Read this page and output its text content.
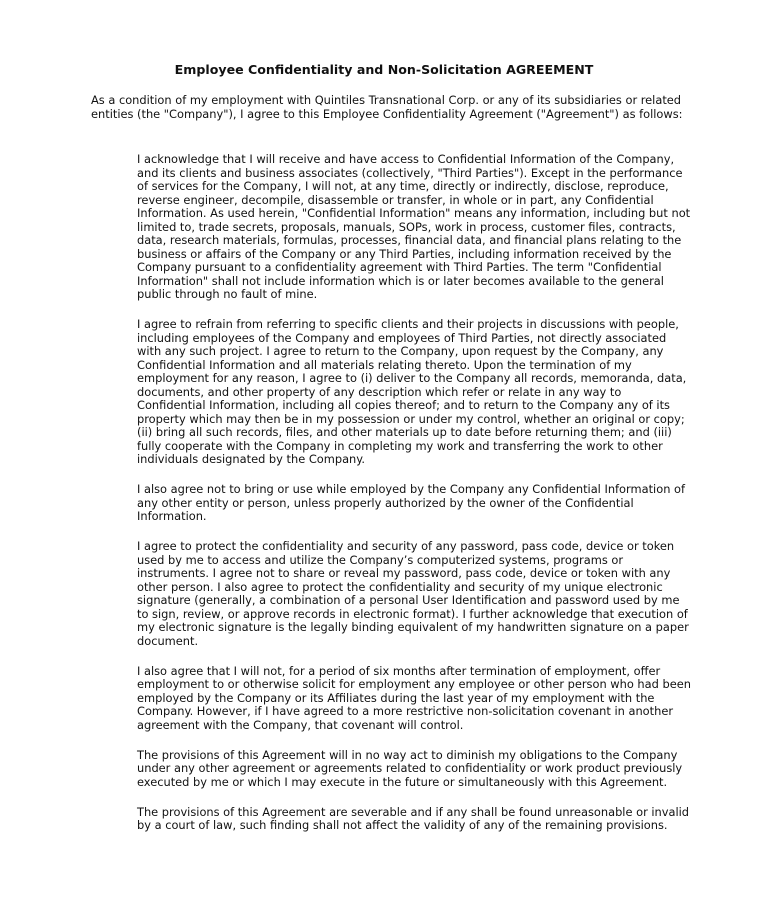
Employee Confidentiality and Non-Solicitation AGREEMENT

As a condition of my employment with Quintiles Transnational Corp. or any of its subsidiaries or related entities (the "Company"), I agree to this Employee Confidentiality Agreement ("Agreement") as follows:

I acknowledge that I will receive and have access to Confidential Information of the Company, and its clients and business associates (collectively, "Third Parties"). Except in the performance of services for the Company, I will not, at any time, directly or indirectly, disclose, reproduce, reverse engineer, decompile, disassemble or transfer, in whole or in part, any Confidential Information. As used herein, "Confidential Information" means any information, including but not limited to, trade secrets, proposals, manuals, SOPs, work in process, customer files, contracts, data, research materials, formulas, processes, financial data, and financial plans relating to the business or affairs of the Company or any Third Parties, including information received by the Company pursuant to a confidentiality agreement with Third Parties. The term "Confidential Information" shall not include information which is or later becomes available to the general public through no fault of mine.

I agree to refrain from referring to specific clients and their projects in discussions with people, including employees of the Company and employees of Third Parties, not directly associated with any such project. I agree to return to the Company, upon request by the Company, any Confidential Information and all materials relating thereto. Upon the termination of my employment for any reason, I agree to (i) deliver to the Company all records, memoranda, data, documents, and other property of any description which refer or relate in any way to Confidential Information, including all copies thereof; and to return to the Company any of its property which may then be in my possession or under my control, whether an original or copy; (ii) bring all such records, files, and other materials up to date before returning them; and (iii) fully cooperate with the Company in completing my work and transferring the work to other individuals designated by the Company.

I also agree not to bring or use while employed by the Company any Confidential Information of any other entity or person, unless properly authorized by the owner of the Confidential Information.

I agree to protect the confidentiality and security of any password, pass code, device or token used by me to access and utilize the Company’s computerized systems, programs or instruments. I agree not to share or reveal my password, pass code, device or token with any other person. I also agree to protect the confidentiality and security of my unique electronic signature (generally, a combination of a personal User Identification and password used by me to sign, review, or approve records in electronic format). I further acknowledge that execution of my electronic signature is the legally binding equivalent of my handwritten signature on a paper document.

I also agree that I will not, for a period of six months after termination of employment, offer employment to or otherwise solicit for employment any employee or other person who had been employed by the Company or its Affiliates during the last year of my employment with the Company. However, if I have agreed to a more restrictive non-solicitation covenant in another agreement with the Company, that covenant will control.

The provisions of this Agreement will in no way act to diminish my obligations to the Company under any other agreement or agreements related to confidentiality or work product previously executed by me or which I may execute in the future or simultaneously with this Agreement.

The provisions of this Agreement are severable and if any shall be found unreasonable or invalid by a court of law, such finding shall not affect the validity of any of the remaining provisions.
